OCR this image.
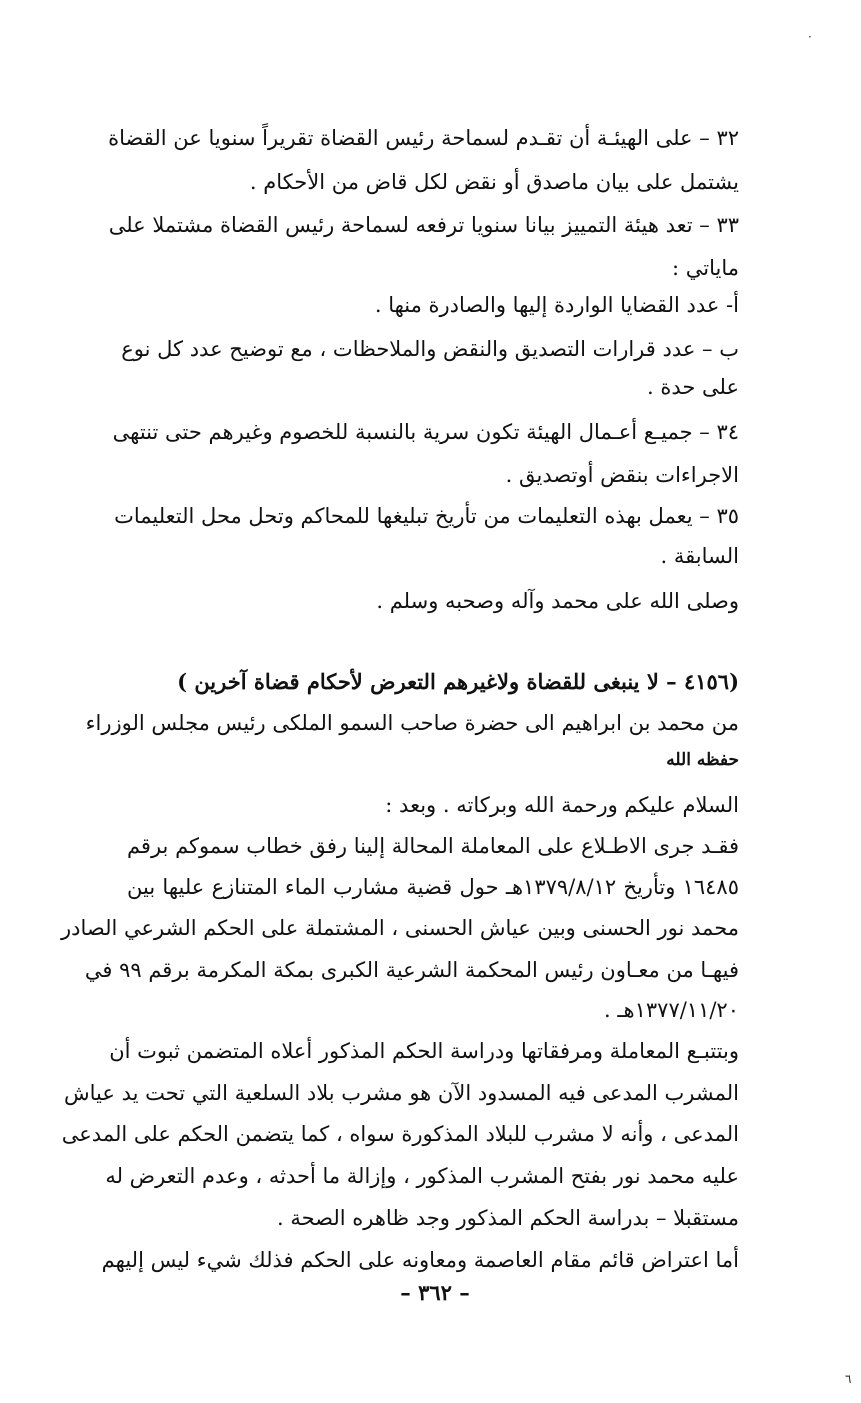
٣٢ – على الهيئـة أن تقـدم لسماحة رئيس القضاة تقريراً سنويا عن القضاة
يشتمل على بيان ماصدق أو نقض لكل قاض من الأحكام .
٣٣ – تعد هيئة التمييز بيانا سنويا ترفعه لسماحة رئيس القضاة مشتملا على
ماياتي :
أ- عدد القضايا الواردة إليها والصادرة منها .
ب – عدد قرارات التصديق والنقض والملاحظات ، مع توضيح عدد كل نوع
على حدة .
٣٤ – جميـع أعـمال الهيئة تكون سرية بالنسبة للخصوم وغيرهم حتى تنتهى
الاجراءات بنقض أوتصديق .
٣٥ – يعمل بهذه التعليمات من تأريخ تبليغها للمحاكم وتحل محل التعليمات
السابقة .
وصلى الله على محمد وآله وصحبه وسلم .
(٤١٥٦ – لا ينبغى للقضاة ولاغيرهم التعرض لأحكام قضاة آخرين )
من محمد بن ابراهيم الى حضرة صاحب السمو الملكى رئيس مجلس الوزراء
حفظه الله
السلام عليكم ورحمة الله وبركاته . وبعد :
فقـد جرى الاطـلاع على المعاملة المحالة إلينا رفق خطاب سموكم برقم
١٦٤٨٥ وتأريخ ١٣٧٩/٨/١٢هـ حول قضية مشارب الماء المتنازع عليها بين
محمد نور الحسنى وبين عياش الحسنى ، المشتملة على الحكم الشرعي الصادر
فيهـا من معـاون رئيس المحكمة الشرعية الكبرى بمكة المكرمة برقم ٩٩ في
١٣٧٧/١١/٢٠هـ .
وبتتبـع المعاملة ومرفقاتها ودراسة الحكم المذكور أعلاه المتضمن ثبوت أن
المشرب المدعى فيه المسدود الآن هو مشرب بلاد السلعية التي تحت يد عياش
المدعى ، وأنه لا مشرب للبلاد المذكورة سواه ، كما يتضمن الحكم على المدعى
عليه محمد نور بفتح المشرب المذكور ، وإزالة ما أحدثه ، وعدم التعرض له
مستقبلا – بدراسة الحكم المذكور وجد ظاهره الصحة .
أما اعتراض قائم مقام العاصمة ومعاونه على الحكم فذلك شيء ليس إليهم
– ٣٦٢ –
·
٦
